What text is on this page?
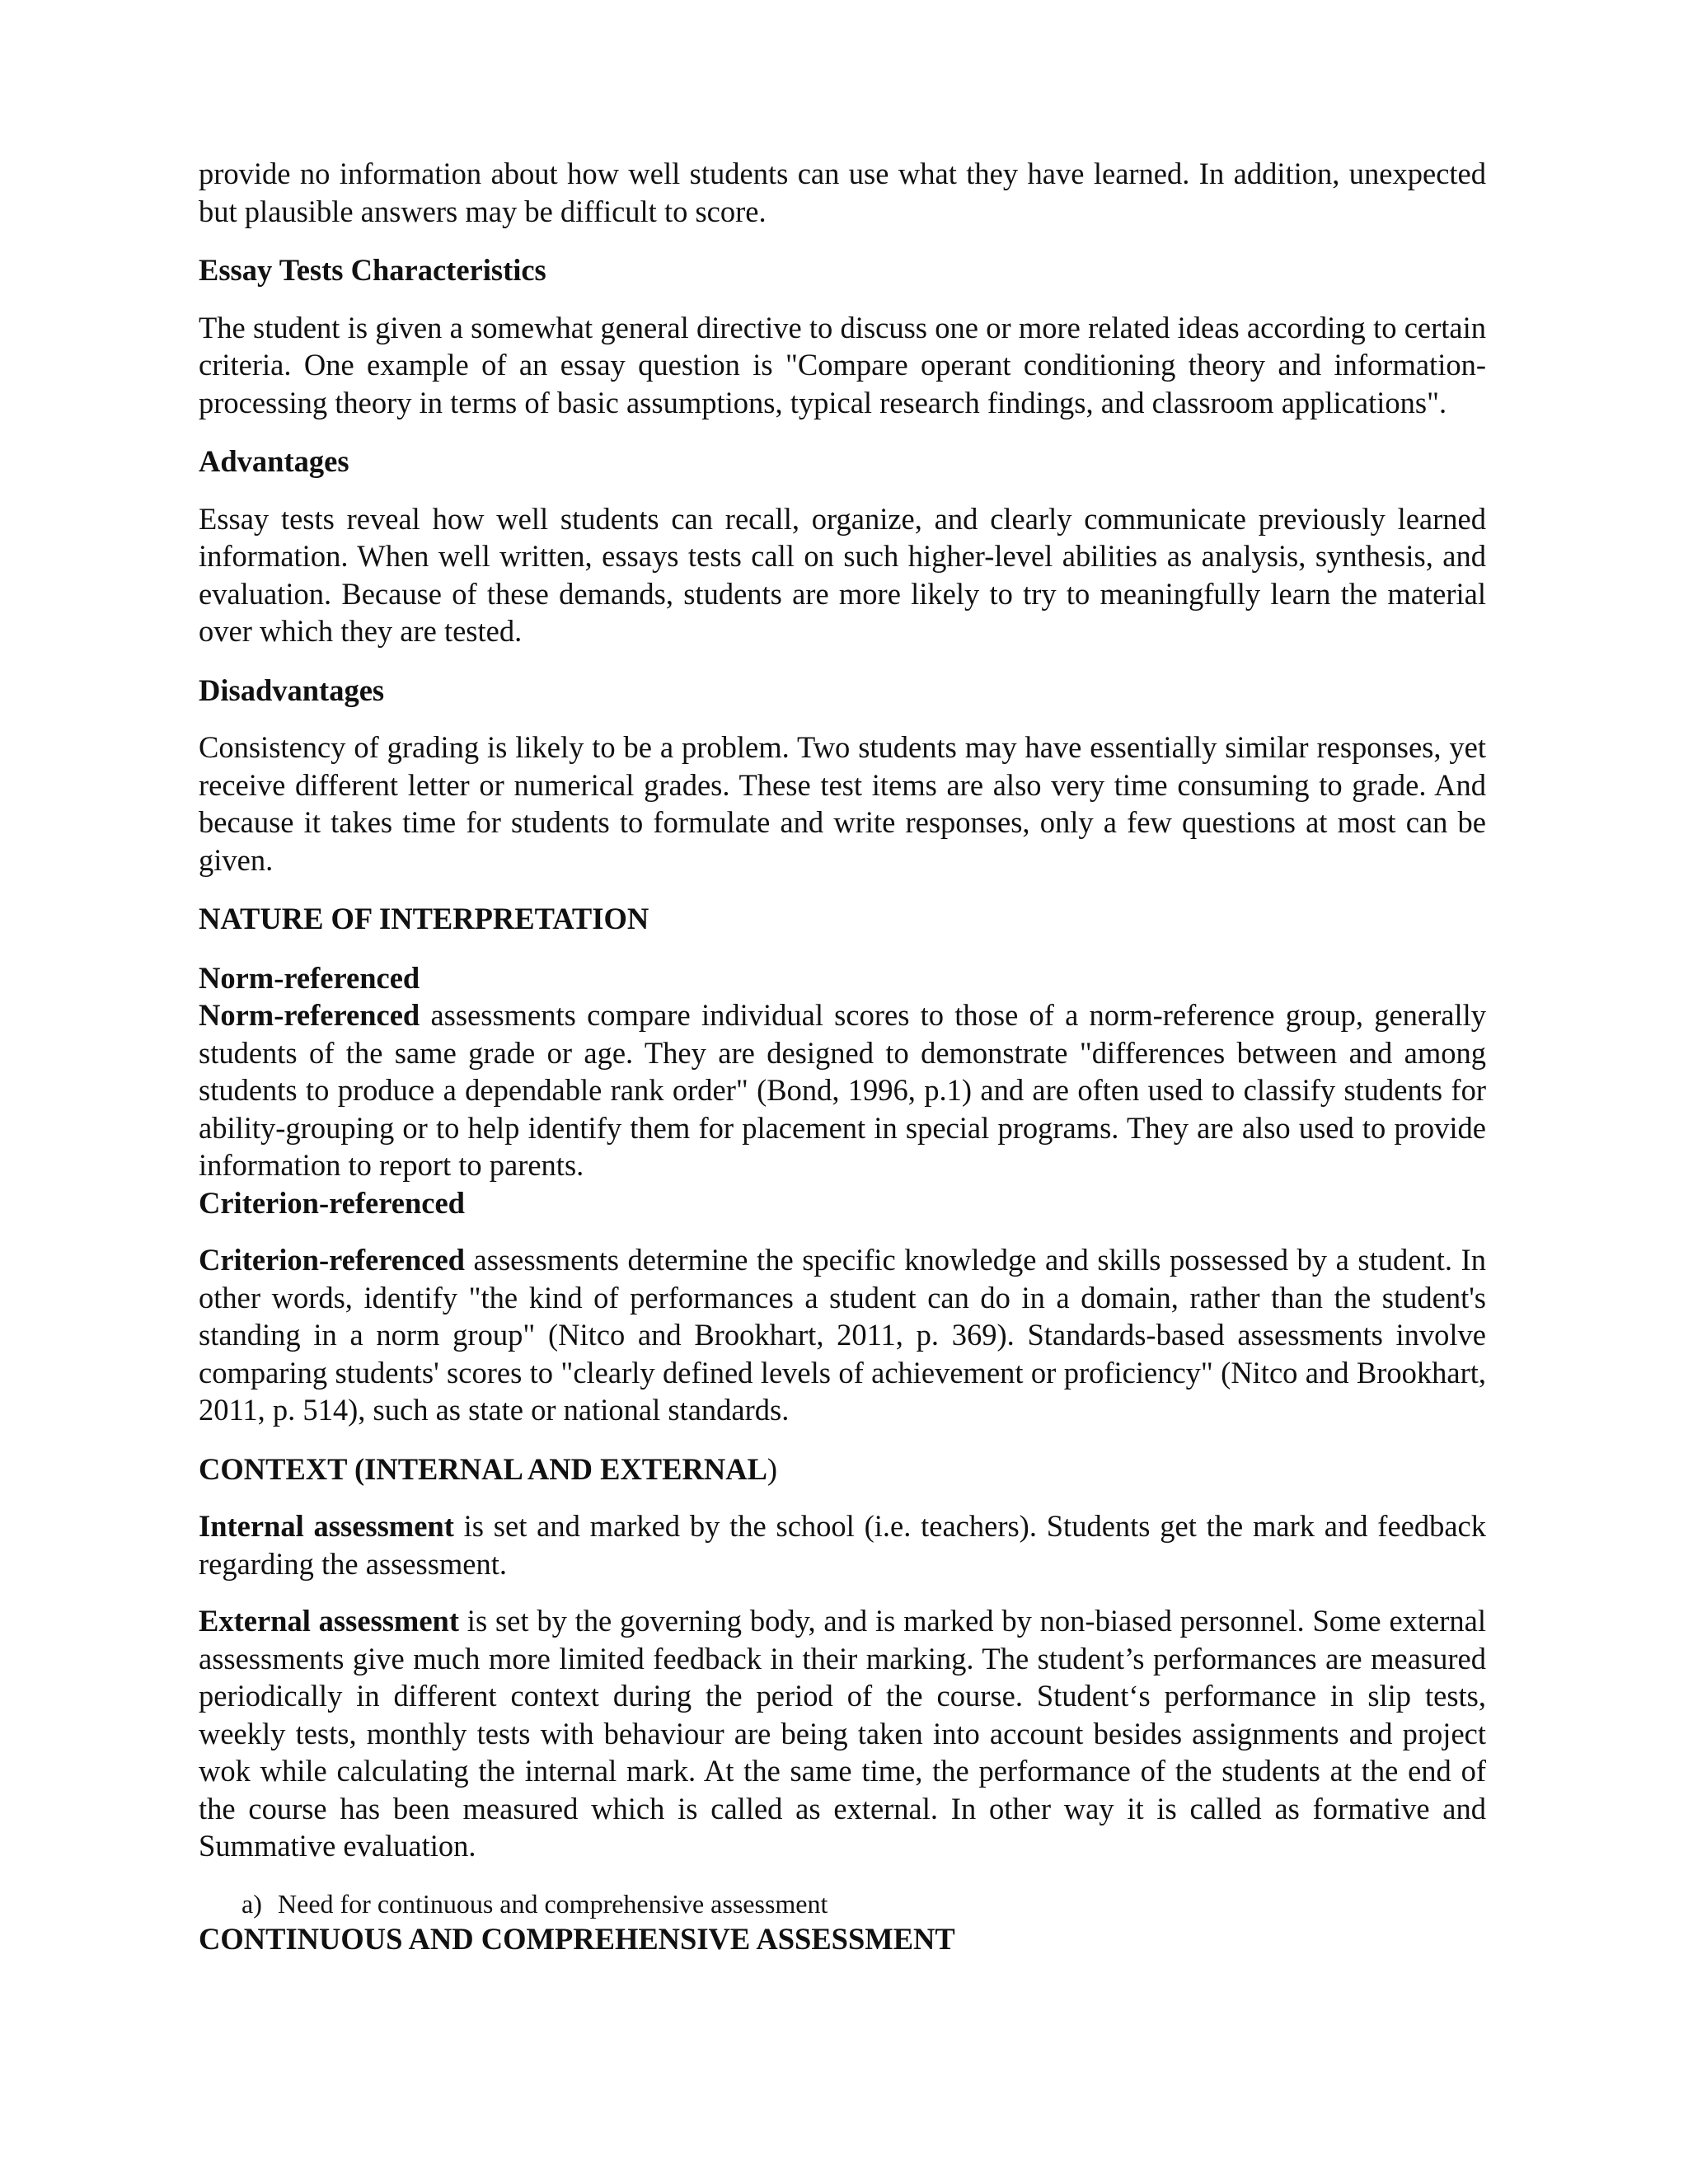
provide no information about how well students can use what they have learned. In addition, unexpected but plausible answers may be difficult to score.

Essay Tests Characteristics

The student is given a somewhat general directive to discuss one or more related ideas according to certain criteria. One example of an essay question is "Compare operant conditioning theory and information-processing theory in terms of basic assumptions, typical research findings, and classroom applications".

Advantages

Essay tests reveal how well students can recall, organize, and clearly communicate previously learned information. When well written, essays tests call on such higher-level abilities as analysis, synthesis, and evaluation. Because of these demands, students are more likely to try to meaningfully learn the material over which they are tested.

Disadvantages

Consistency of grading is likely to be a problem. Two students may have essentially similar responses, yet receive different letter or numerical grades. These test items are also very time consuming to grade. And because it takes time for students to formulate and write responses, only a few questions at most can be given.

NATURE OF INTERPRETATION
Norm-referenced

Norm-referenced assessments compare individual scores to those of a norm-reference group, generally students of the same grade or age. They are designed to demonstrate "differences between and among students to produce a dependable rank order" (Bond, 1996, p.1) and are often used to classify students for ability-grouping or to help identify them for placement in special programs. They are also used to provide information to report to parents.

Criterion-referenced

Criterion-referenced assessments determine the specific knowledge and skills possessed by a student. In other words, identify "the kind of performances a student can do in a domain, rather than the student's standing in a norm group" (Nitco and Brookhart, 2011, p. 369). Standards-based assessments involve comparing students' scores to "clearly defined levels of achievement or proficiency" (Nitco and Brookhart, 2011, p. 514), such as state or national standards.

CONTEXT (INTERNAL AND EXTERNAL)

Internal assessment is set and marked by the school (i.e. teachers). Students get the mark and feedback regarding the assessment.

External assessment is set by the governing body, and is marked by non-biased personnel. Some external assessments give much more limited feedback in their marking. The student’s performances are measured periodically in different context during the period of the course. Student‘s performance in slip tests, weekly tests, monthly tests with behaviour are being taken into account besides assignments and project wok while calculating the internal mark. At the same time, the performance of the students at the end of the course has been measured which is called as external. In other way it is called as formative and Summative evaluation.

a) Need for continuous and comprehensive assessment
CONTINUOUS AND COMPREHENSIVE ASSESSMENT
